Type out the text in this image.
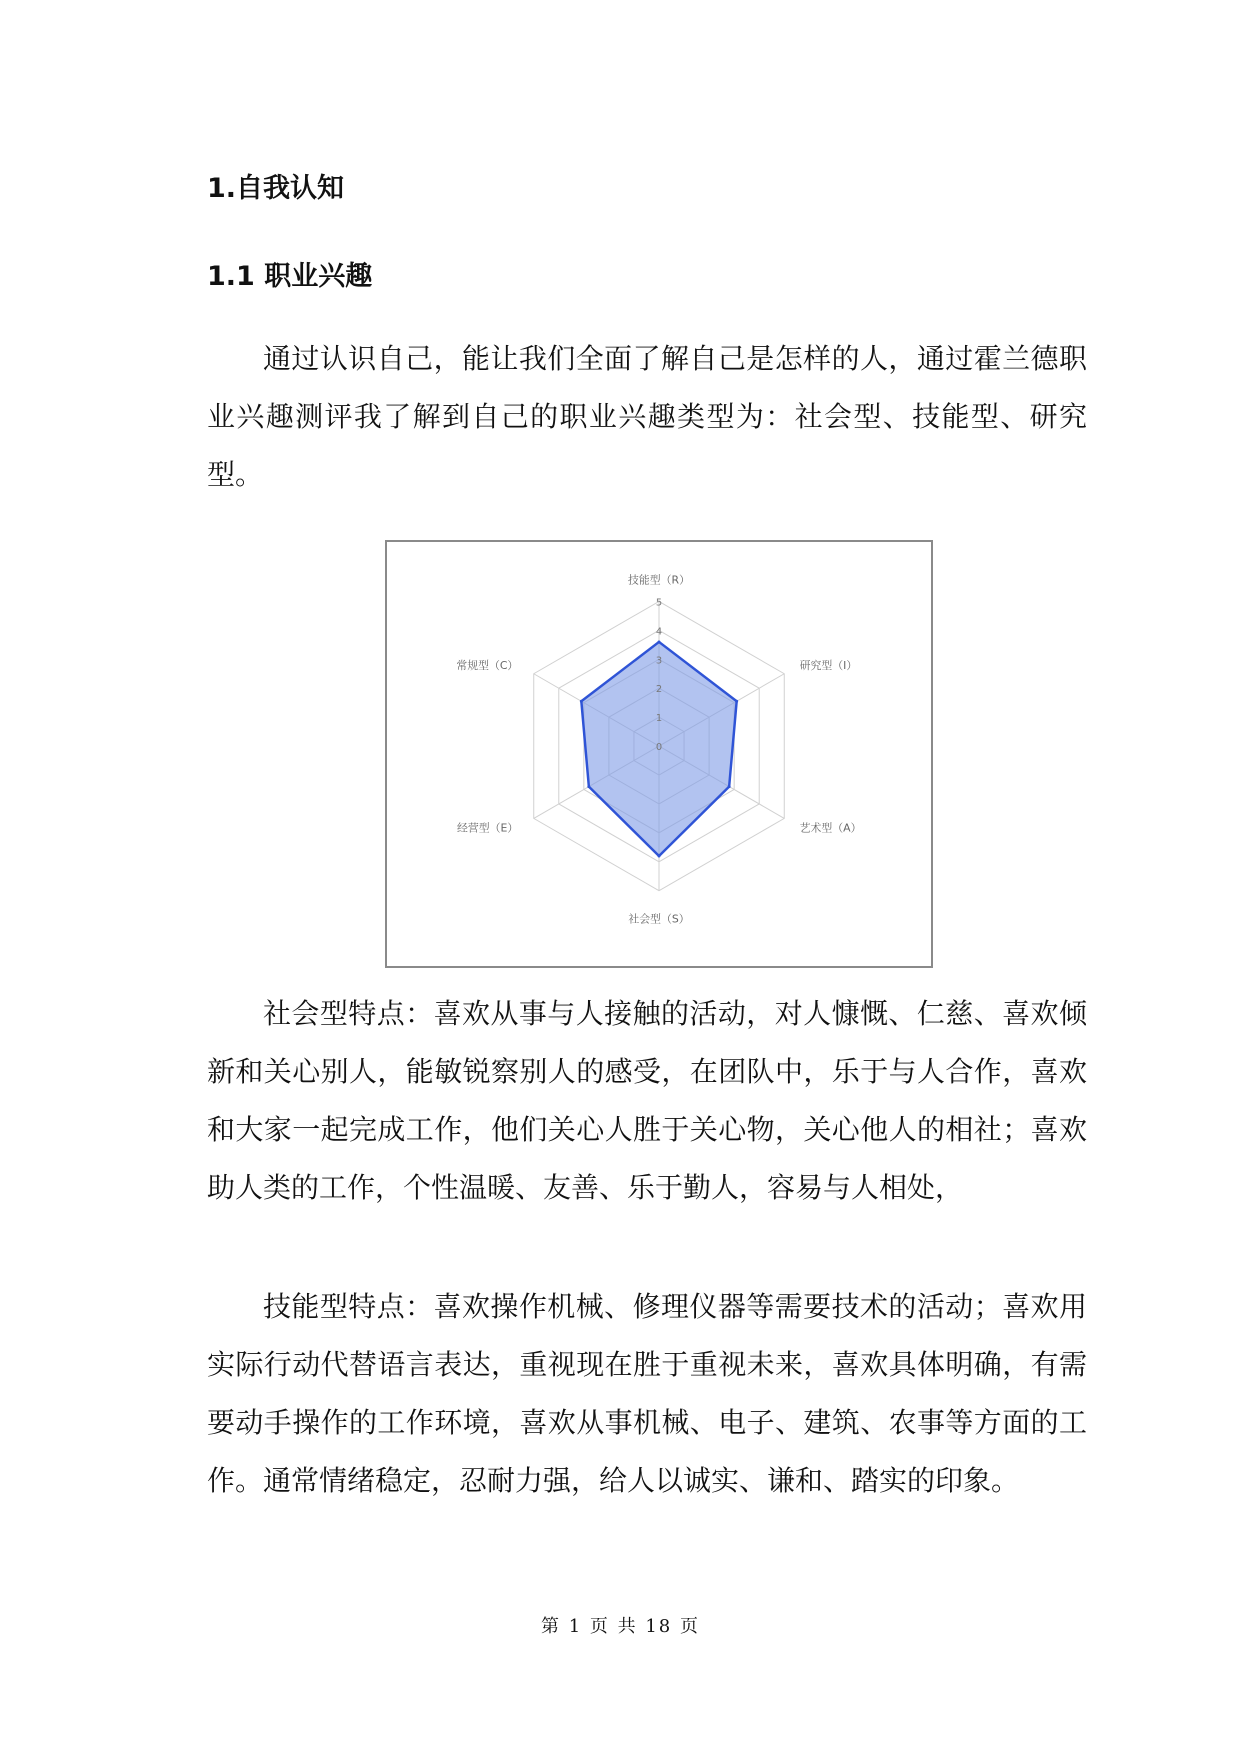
1.自我认知
1.1 职业兴趣

通过认识自己，能让我们全面了解自己是怎样的人，通过霍兰德职业兴趣测评我了解到自己的职业兴趣类型为：社会型、技能型、研究型。

0
1
2
3
4
5
技能型（R）
研究型（I）
艺术型（A）
社会型（S）
经营型（E）
常规型（C）

社会型特点：喜欢从事与人接触的活动，对人慷慨、仁慈、喜欢倾新和关心别人，能敏锐察别人的感受，在团队中，乐于与人合作，喜欢和大家一起完成工作，他们关心人胜于关心物，关心他人的相社；喜欢助人类的工作，个性温暖、友善、乐于勤人，容易与人相处，

技能型特点：喜欢操作机械、修理仪器等需要技术的活动；喜欢用实际行动代替语言表达，重视现在胜于重视未来，喜欢具体明确，有需要动手操作的工作环境，喜欢从事机械、电子、建筑、农事等方面的工作。通常情绪稳定，忍耐力强，给人以诚实、谦和、踏实的印象。

第 1 页 共 18 页
